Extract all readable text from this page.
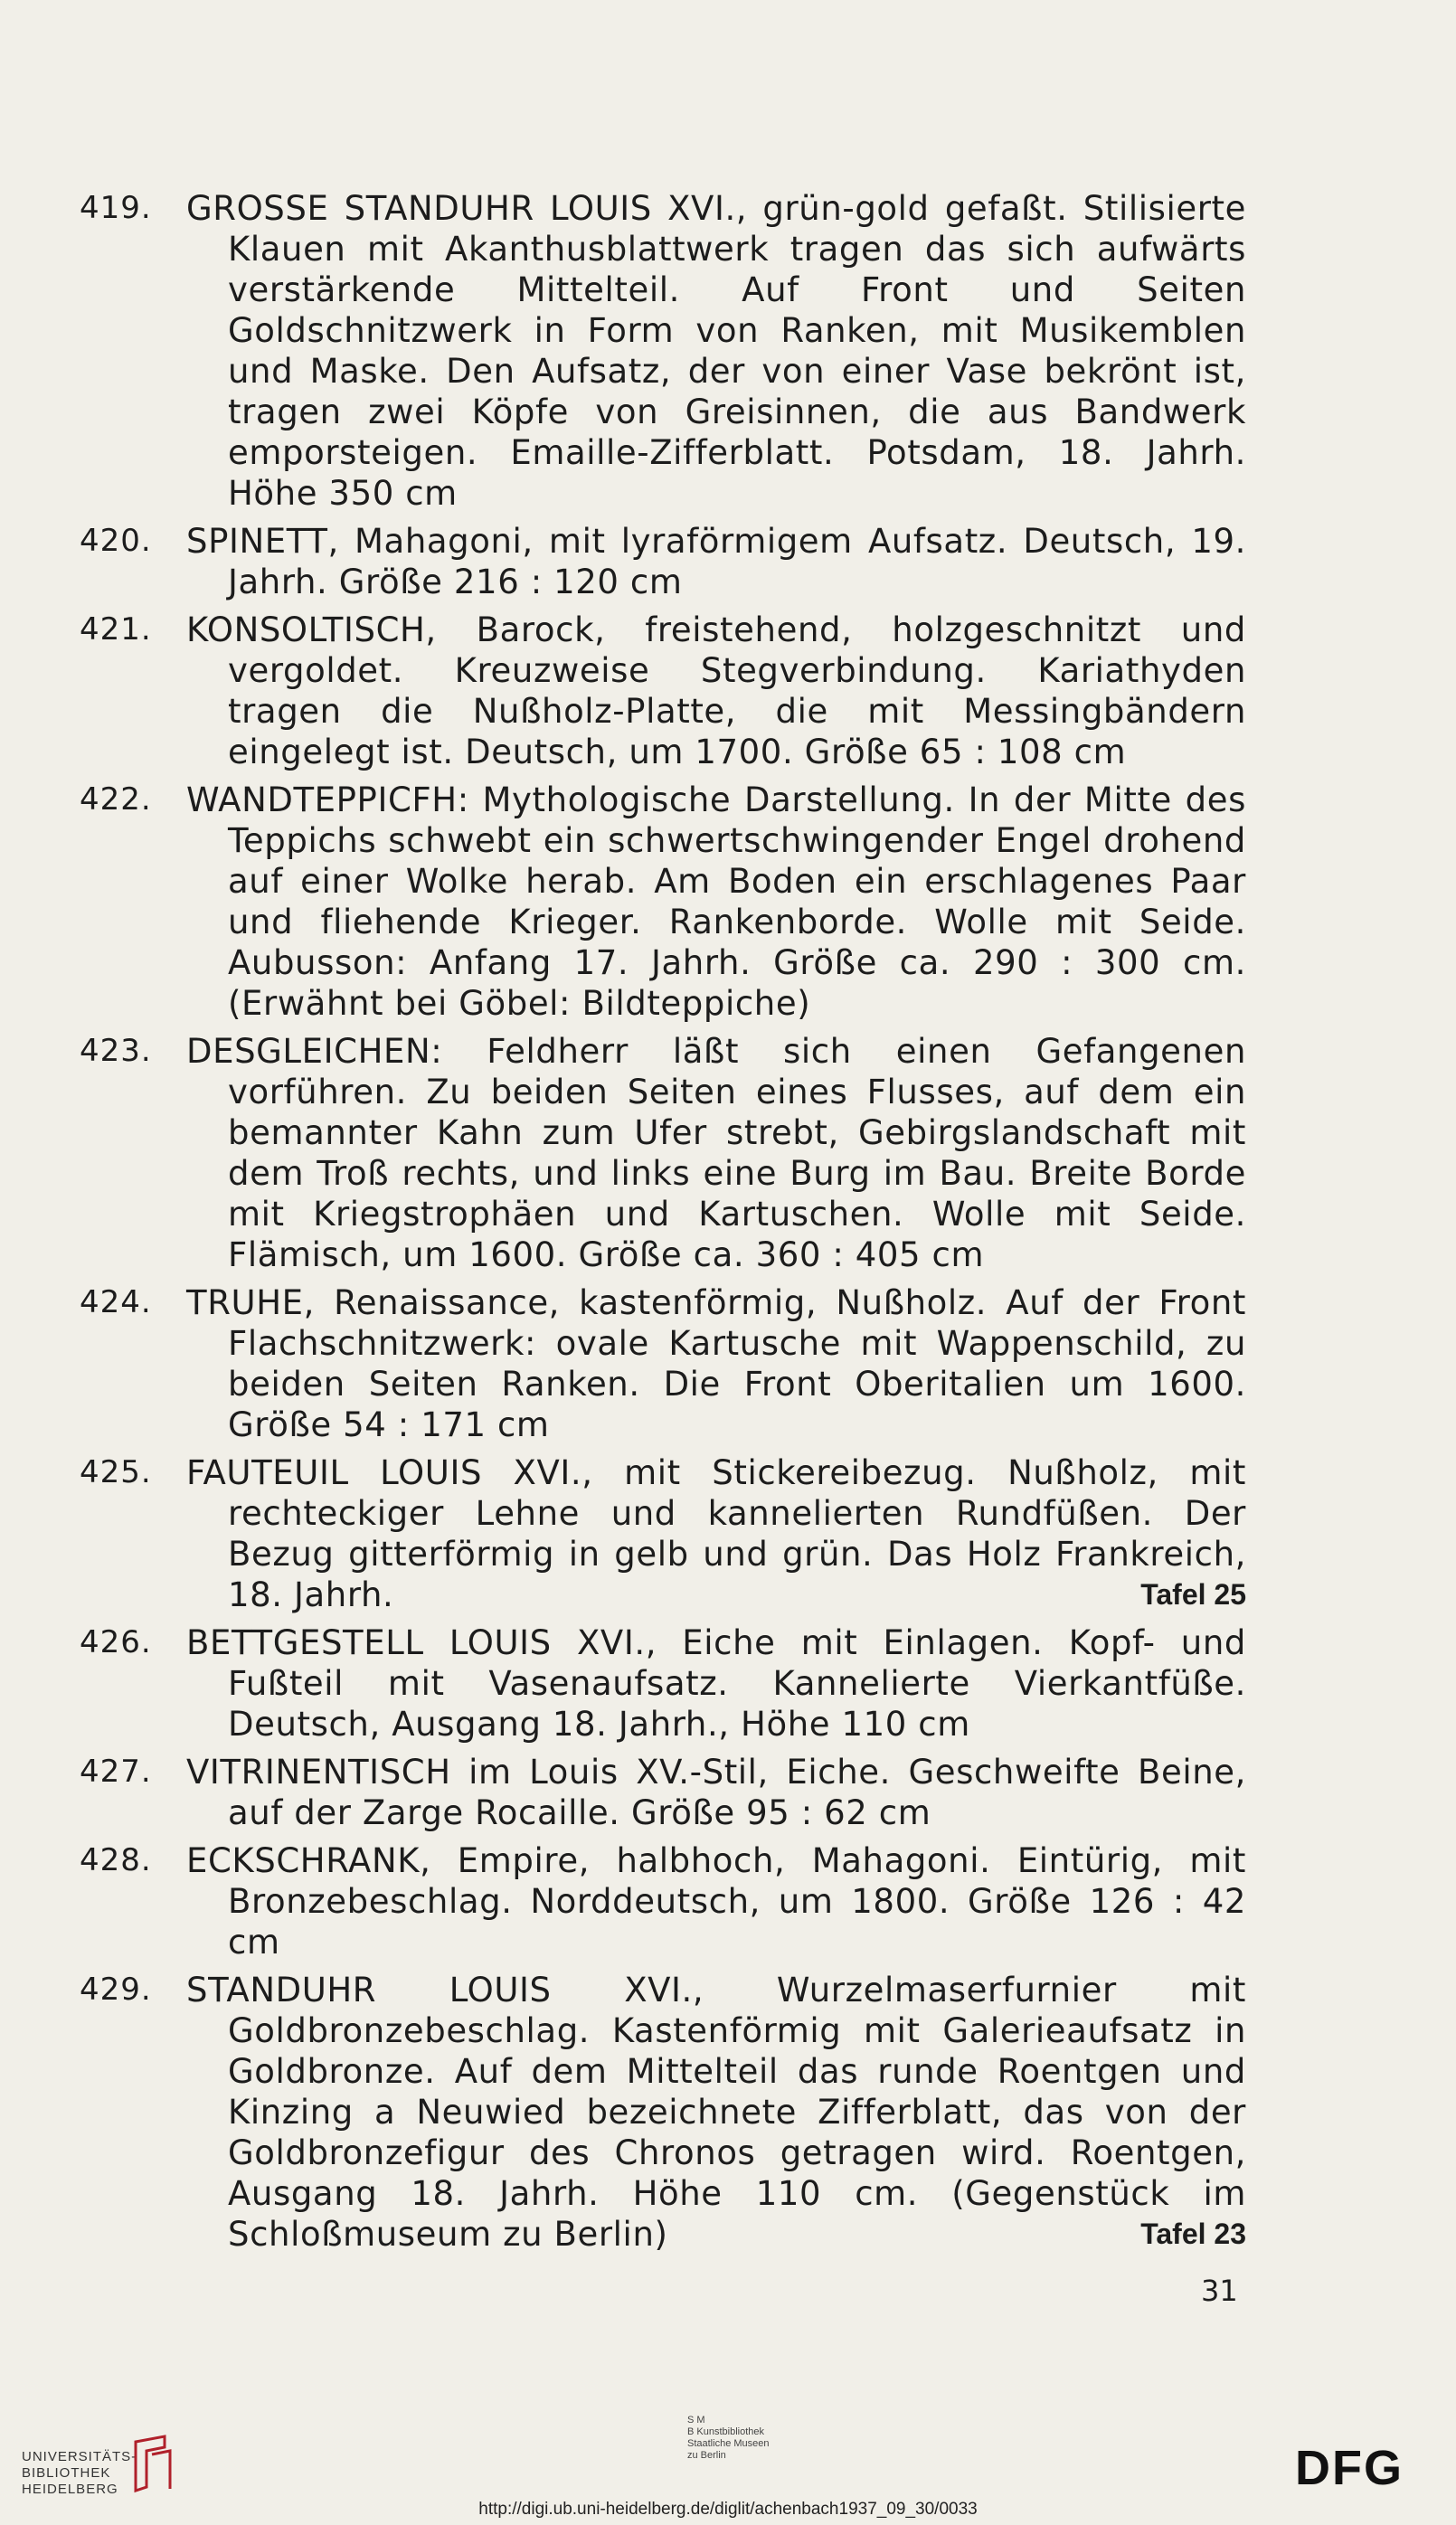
419.	GROSSE STANDUHR LOUIS XVI., grün-gold gefaßt. Stilisierte Klauen mit Akanthusblattwerk tragen das sich aufwärts verstärkende Mittelteil. Auf Front und Seiten Goldschnitzwerk in Form von Ranken, mit Musikemblen und Maske. Den Aufsatz, der von einer Vase bekrönt ist, tragen zwei Köpfe von Greisinnen, die aus Bandwerk emporsteigen. Emaille-Zifferblatt. Potsdam, 18. Jahrh. Höhe 350 cm

420.	SPINETT, Mahagoni, mit lyraförmigem Aufsatz. Deutsch, 19. Jahrh. Größe 216 : 120 cm

421.	KONSOLTISCH, Barock, freistehend, holzgeschnitzt und vergoldet. Kreuzweise Stegverbindung. Kariathyden tragen die Nußholz-Platte, die mit Messingbändern eingelegt ist. Deutsch, um 1700. Größe 65 : 108 cm

422.	WANDTEPPICFH: Mythologische Darstellung. In der Mitte des Teppichs schwebt ein schwertschwingender Engel drohend auf einer Wolke herab. Am Boden ein erschlagenes Paar und fliehende Krieger. Rankenborde. Wolle mit Seide. Aubusson: Anfang 17. Jahrh. Größe ca. 290 : 300 cm. (Erwähnt bei Göbel: Bildteppiche)

423.	DESGLEICHEN: Feldherr läßt sich einen Gefangenen vorführen. Zu beiden Seiten eines Flusses, auf dem ein bemannter Kahn zum Ufer strebt, Gebirgslandschaft mit dem Troß rechts, und links eine Burg im Bau. Breite Borde mit Kriegstrophäen und Kartuschen. Wolle mit Seide. Flämisch, um 1600. Größe ca. 360 : 405 cm

424.	TRUHE, Renaissance, kastenförmig, Nußholz. Auf der Front Flachschnitzwerk: ovale Kartusche mit Wappenschild, zu beiden Seiten Ranken. Die Front Oberitalien um 1600. Größe 54 : 171 cm

425.	FAUTEUIL LOUIS XVI., mit Stickereibezug. Nußholz, mit rechteckiger Lehne und kannelierten Rundfüßen. Der Bezug gitterförmig in gelb und grün. Das Holz Frankreich, 18. Jahrh.	Tafel 25

426.	BETTGESTELL LOUIS XVI., Eiche mit Einlagen. Kopf- und Fußteil mit Vasenaufsatz. Kannelierte Vierkantfüße. Deutsch, Ausgang 18. Jahrh., Höhe 110 cm

427.	VITRINENTISCH im Louis XV.-Stil, Eiche. Geschweifte Beine, auf der Zarge Rocaille. Größe 95 : 62 cm

428.	ECKSCHRANK, Empire, halbhoch, Mahagoni. Eintürig, mit Bronzebeschlag. Norddeutsch, um 1800. Größe 126 : 42 cm

429.	STANDUHR LOUIS XVI., Wurzelmaserfurnier mit Goldbronzebeschlag. Kastenförmig mit Galerieaufsatz in Goldbronze. Auf dem Mittelteil das runde Roentgen und Kinzing a Neuwied bezeichnete Zifferblatt, das von der Goldbronzefigur des Chronos getragen wird. Roentgen, Ausgang 18. Jahrh. Höhe 110 cm. (Gegenstück im Schloßmuseum zu Berlin)	Tafel 23

31
UNIVERSITÄTS-
BIBLIOTHEK
HEIDELBERG
S M
B Kunstbibliothek
Staatliche Museen
zu Berlin	DFG
http://digi.ub.uni-heidelberg.de/diglit/achenbach1937_09_30/0033
